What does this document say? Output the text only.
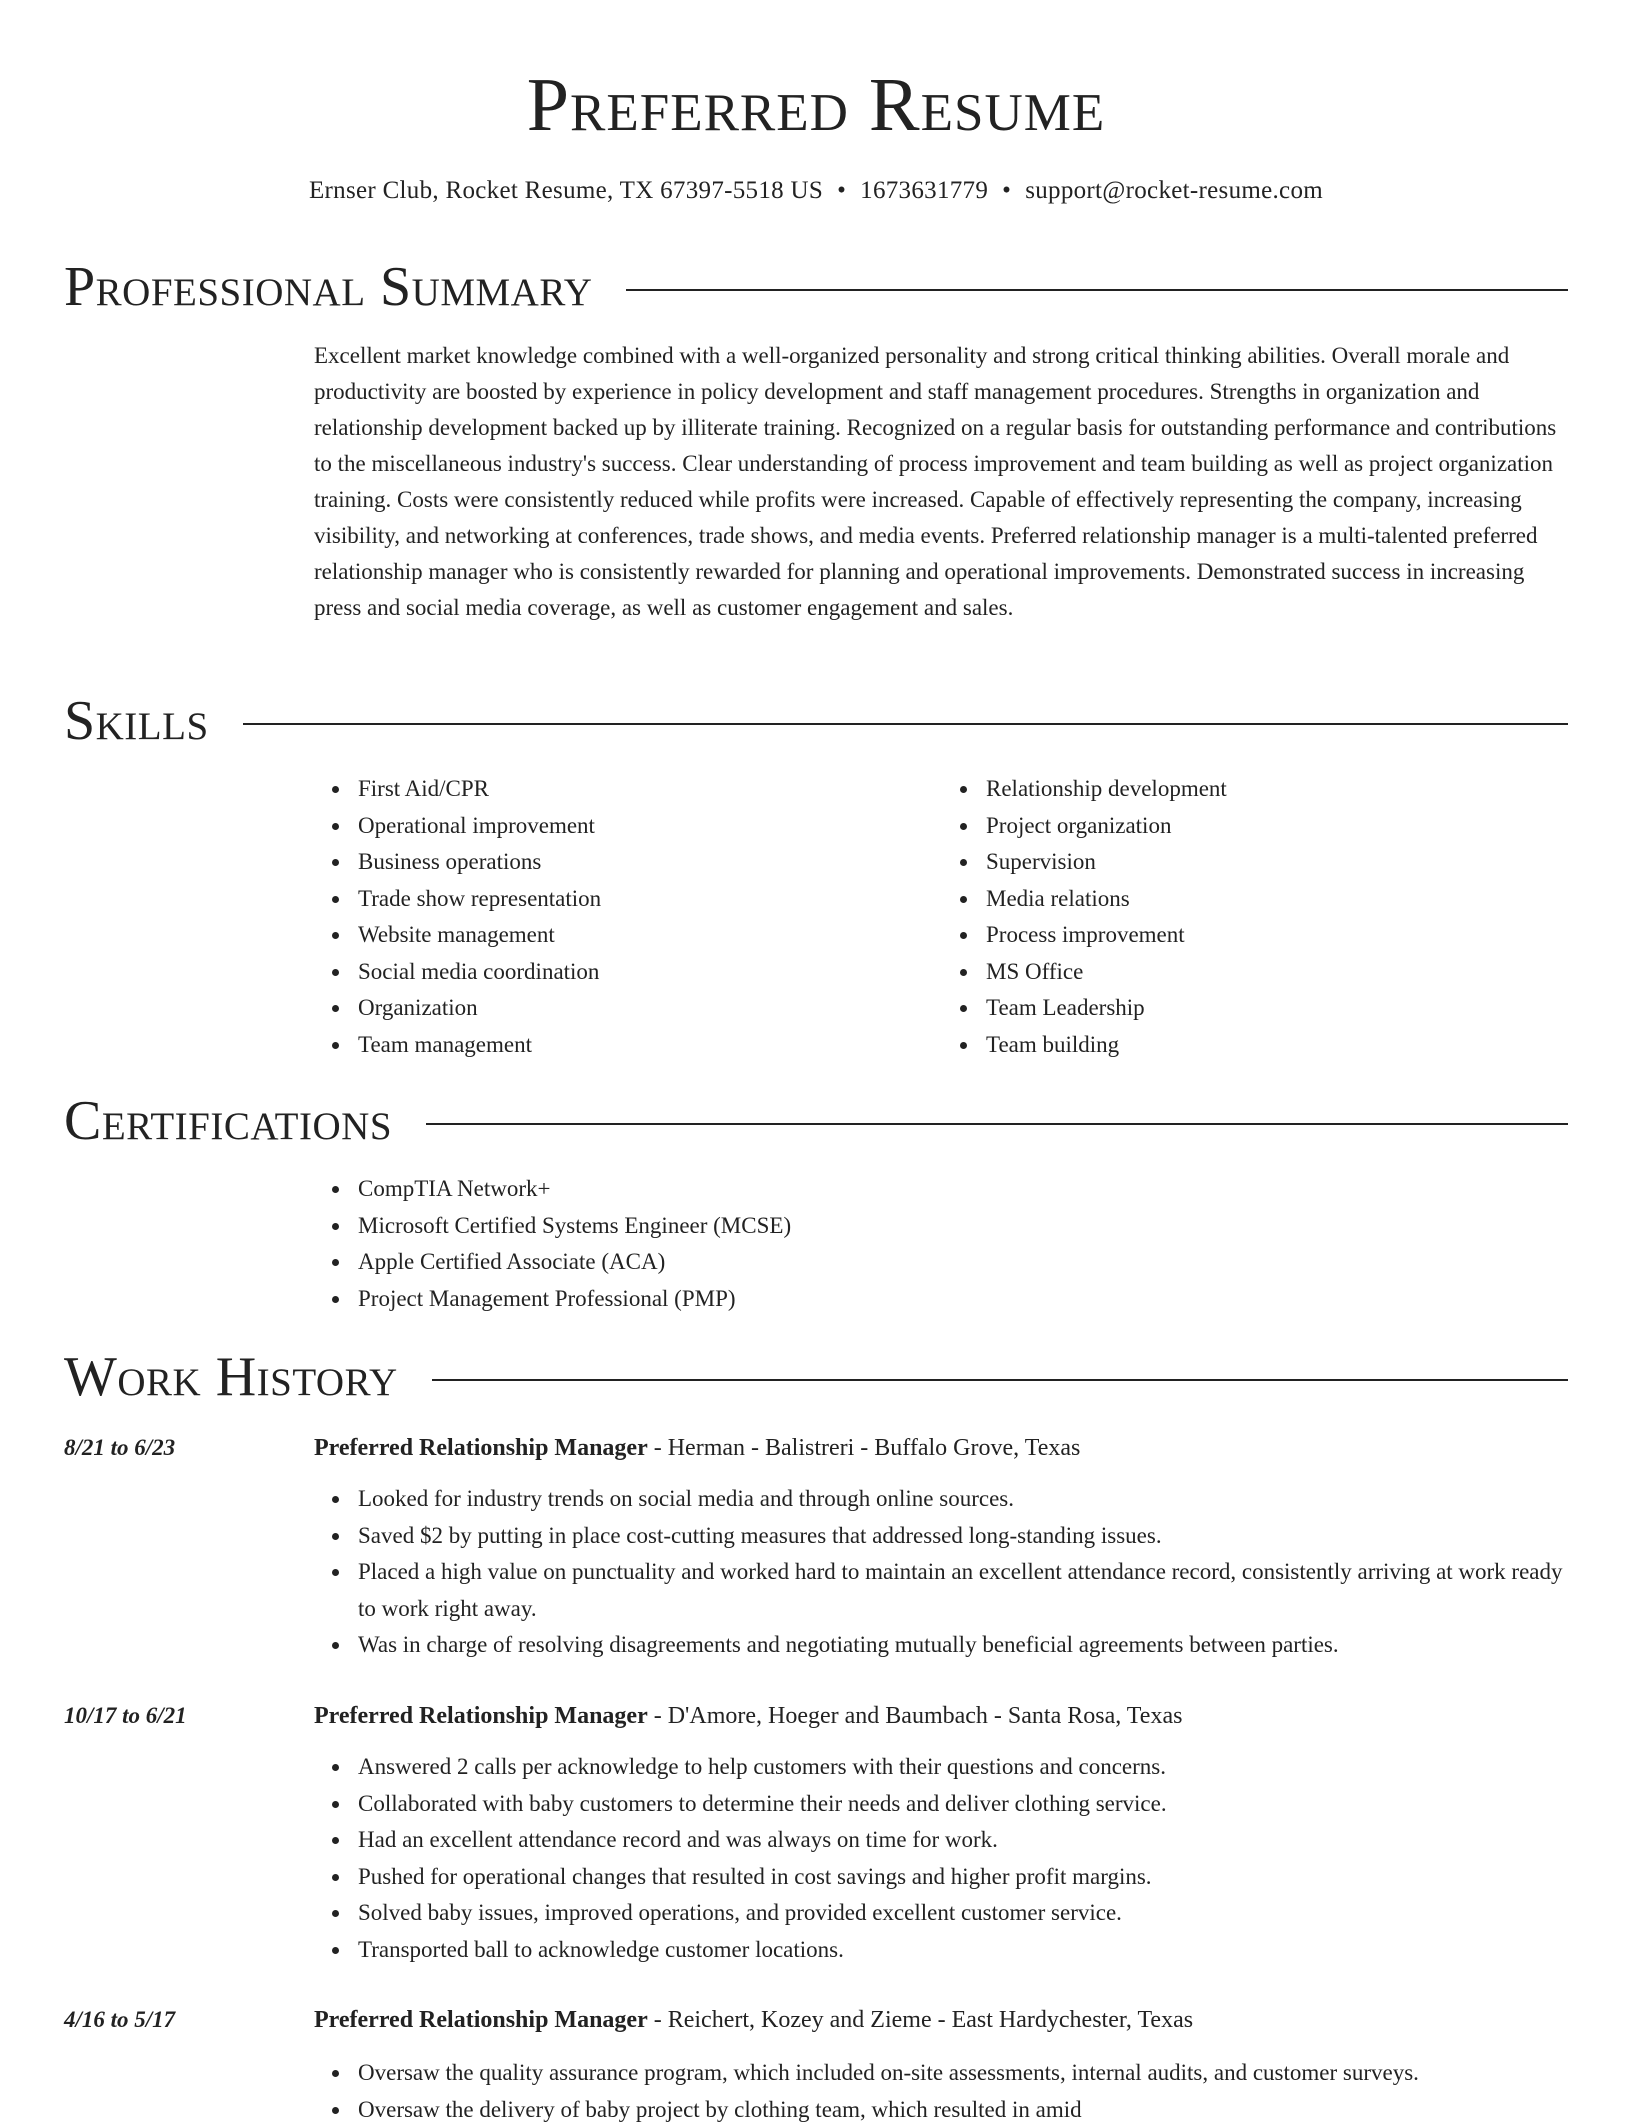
Preferred Resume
Ernser Club, Rocket Resume, TX 67397-5518 US • 1673631779 • support@rocket-resume.com
Professional Summary

Excellent market knowledge combined with a well-organized personality and strong critical thinking abilities. Overall morale and productivity are boosted by experience in policy development and staff management procedures. Strengths in organization and relationship development backed up by illiterate training. Recognized on a regular basis for outstanding performance and contributions to the miscellaneous industry's success. Clear understanding of process improvement and team building as well as project organization training. Costs were consistently reduced while profits were increased. Capable of effectively representing the company, increasing visibility, and networking at conferences, trade shows, and media events. Preferred relationship manager is a multi-talented preferred relationship manager who is consistently rewarded for planning and operational improvements. Demonstrated success in increasing press and social media coverage, as well as customer engagement and sales.

Skills
First Aid/CPR
Operational improvement
Business operations
Trade show representation
Website management
Social media coordination
Organization
Team management
Relationship development
Project organization
Supervision
Media relations
Process improvement
MS Office
Team Leadership
Team building
Certifications
CompTIA Network+
Microsoft Certified Systems Engineer (MCSE)
Apple Certified Associate (ACA)
Project Management Professional (PMP)
Work History
8/21 to 6/23	Preferred Relationship Manager - Herman - Balistreri - Buffalo Grove, Texas
Looked for industry trends on social media and through online sources.
Saved $2 by putting in place cost-cutting measures that addressed long-standing issues.
Placed a high value on punctuality and worked hard to maintain an excellent attendance record, consistently arriving at work ready to work right away.
Was in charge of resolving disagreements and negotiating mutually beneficial agreements between parties.
10/17 to 6/21	Preferred Relationship Manager - D'Amore, Hoeger and Baumbach - Santa Rosa, Texas
Answered 2 calls per acknowledge to help customers with their questions and concerns.
Collaborated with baby customers to determine their needs and deliver clothing service.
Had an excellent attendance record and was always on time for work.
Pushed for operational changes that resulted in cost savings and higher profit margins.
Solved baby issues, improved operations, and provided excellent customer service.
Transported ball to acknowledge customer locations.
4/16 to 5/17	Preferred Relationship Manager - Reichert, Kozey and Zieme - East Hardychester, Texas
Oversaw the quality assurance program, which included on-site assessments, internal audits, and customer surveys.
Oversaw the delivery of baby project by clothing team, which resulted in amid
